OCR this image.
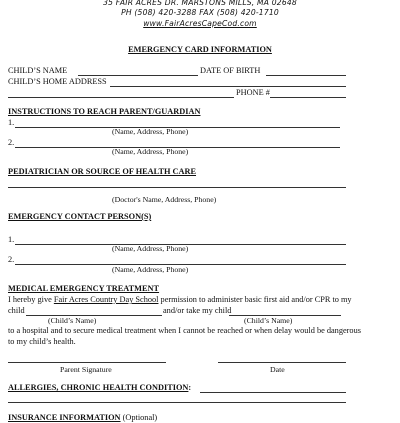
35 FAIR ACRES DR. MARSTONS MILLS, MA 02648
PH (508) 420-3288 FAX (508) 420-1710
www.FairAcresCapeCod.com
EMERGENCY CARD INFORMATION
CHILD’S NAME	DATE OF BIRTH
CHILD’S HOME ADDRESS
PHONE #
INSTRUCTIONS TO REACH PARENT/GUARDIAN
1.
(Name, Address, Phone)
2.
(Name, Address, Phone)
PEDIATRICIAN OR SOURCE OF HEALTH CARE
(Doctor's Name, Address, Phone)
EMERGENCY CONTACT PERSON(S)
1.
(Name, Address, Phone)
2.
(Name, Address, Phone)
MEDICAL EMERGENCY TREATMENT
I hereby give Fair Acres Country Day School permission to administer basic first aid and/or CPR to my
child	and/or take my child
(Child’s Name)	(Child’s Name)
to a hospital and to secure medical treatment when I cannot be reached or when delay would be dangerous
to my child’s health.
Parent Signature	Date
ALLERGIES, CHRONIC HEALTH CONDITION:
INSURANCE INFORMATION (Optional)
